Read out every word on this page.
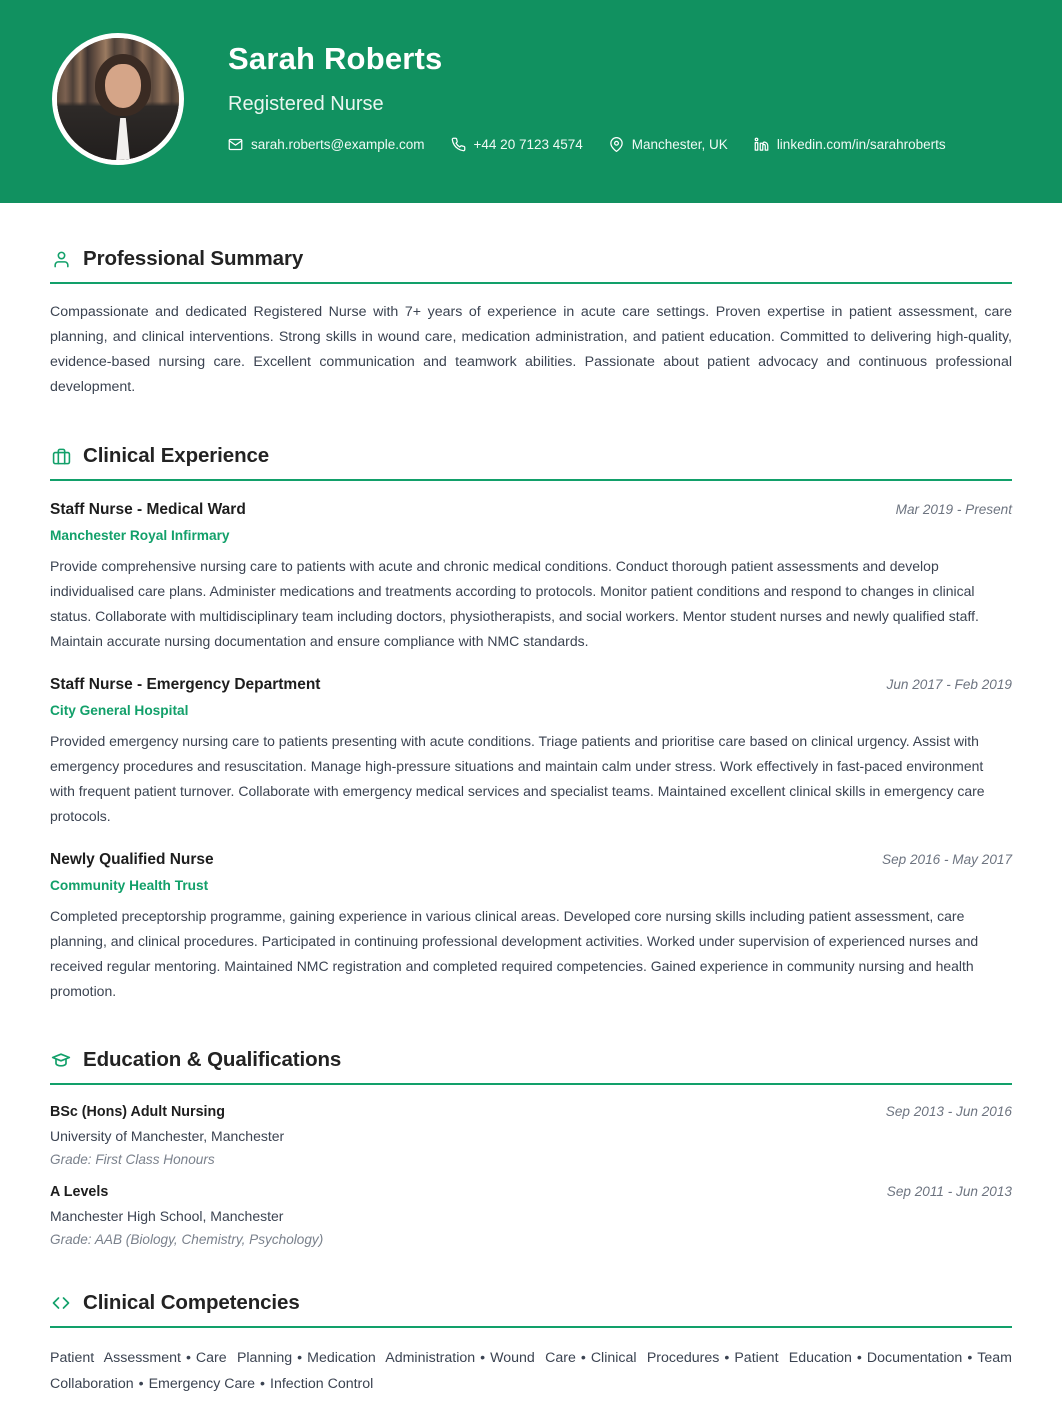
Sarah Roberts
Registered Nurse
sarah.roberts@example.com	+44 20 7123 4574	Manchester, UK	linkedin.com/in/sarahroberts
Professional Summary
Compassionate and dedicated Registered Nurse with 7+ years of experience in acute care settings. Proven expertise in patient assessment, care planning, and clinical interventions. Strong skills in wound care, medication administration, and patient education. Committed to delivering high-quality, evidence-based nursing care. Excellent communication and teamwork abilities. Passionate about patient advocacy and continuous professional development.
Clinical Experience
Staff Nurse - Medical Ward	Mar 2019 - Present
Manchester Royal Infirmary
Provide comprehensive nursing care to patients with acute and chronic medical conditions. Conduct thorough patient assessments and develop individualised care plans. Administer medications and treatments according to protocols. Monitor patient conditions and respond to changes in clinical status. Collaborate with multidisciplinary team including doctors, physiotherapists, and social workers. Mentor student nurses and newly qualified staff. Maintain accurate nursing documentation and ensure compliance with NMC standards.
Staff Nurse - Emergency Department	Jun 2017 - Feb 2019
City General Hospital
Provided emergency nursing care to patients presenting with acute conditions. Triage patients and prioritise care based on clinical urgency. Assist with emergency procedures and resuscitation. Manage high-pressure situations and maintain calm under stress. Work effectively in fast-paced environment with frequent patient turnover. Collaborate with emergency medical services and specialist teams. Maintained excellent clinical skills in emergency care protocols.
Newly Qualified Nurse	Sep 2016 - May 2017
Community Health Trust
Completed preceptorship programme, gaining experience in various clinical areas. Developed core nursing skills including patient assessment, care planning, and clinical procedures. Participated in continuing professional development activities. Worked under supervision of experienced nurses and received regular mentoring. Maintained NMC registration and completed required competencies. Gained experience in community nursing and health promotion.
Education & Qualifications
BSc (Hons) Adult Nursing	Sep 2013 - Jun 2016
University of Manchester, Manchester
Grade: First Class Honours
A Levels	Sep 2011 - Jun 2013
Manchester High School, Manchester
Grade: AAB (Biology, Chemistry, Psychology)
Clinical Competencies
Patient Assessment • Care Planning • Medication Administration • Wound Care • Clinical Procedures • Patient Education • Documentation • Team Collaboration • Emergency Care • Infection Control
